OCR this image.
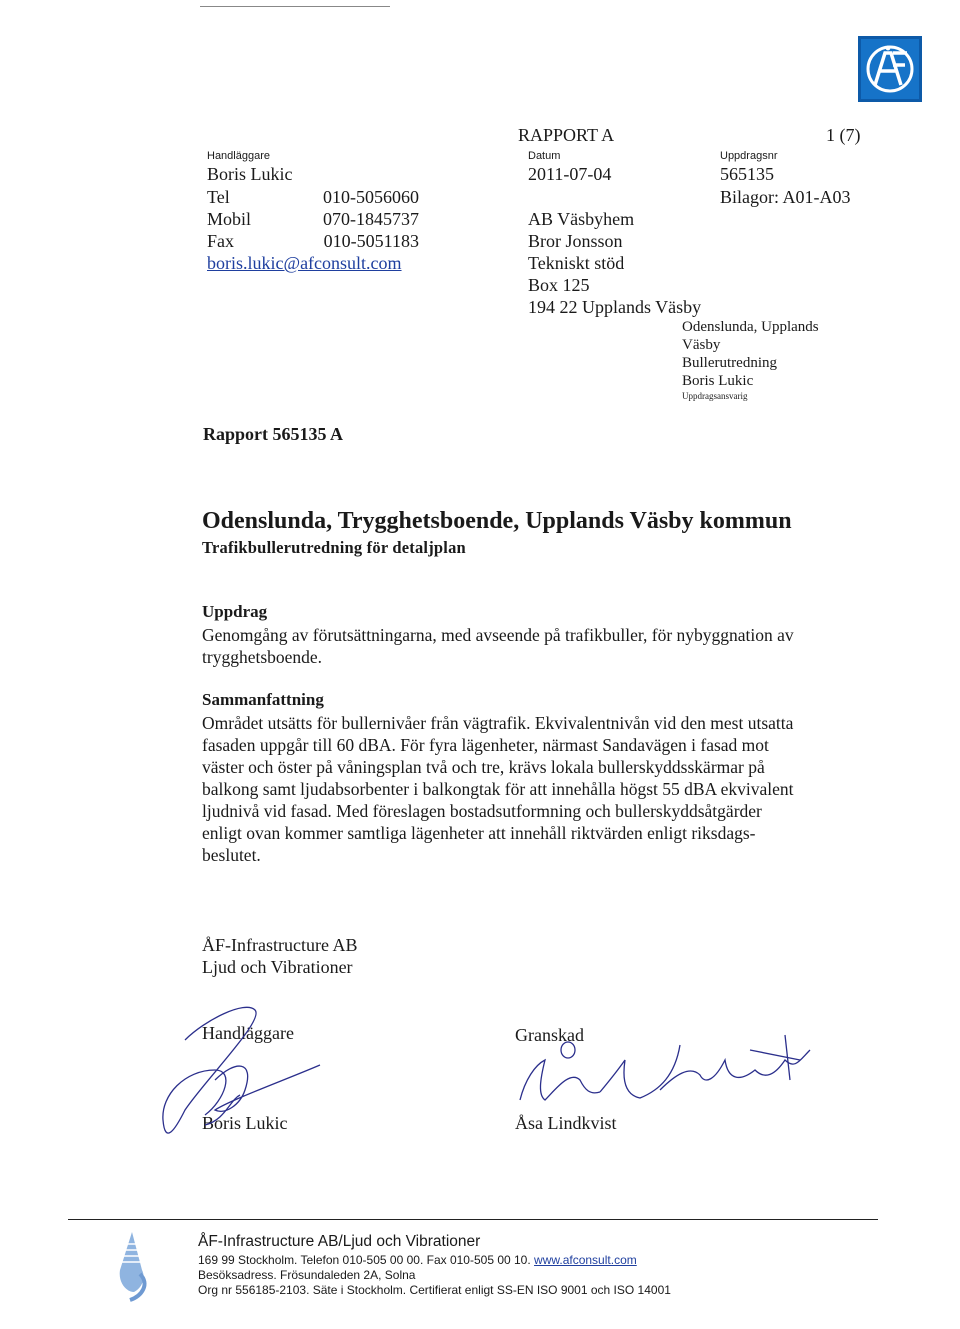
RAPPORT A	1 (7)
Handläggare
Boris Lukic
Tel	010-5056060
Mobil	070-1845737
Fax	010-5051183
boris.lukic@afconsult.com
Datum
2011-07-04
Uppdragsnr
565135
Bilagor: A01-A03
AB Väsbyhem
Bror Jonsson
Tekniskt stöd
Box 125
194 22 Upplands Väsby
Odenslunda, Upplands
Väsby
Bullerutredning
Boris Lukic
Uppdragsansvarig
Rapport 565135 A
Odenslunda, Trygghetsboende, Upplands Väsby kommun
Trafikbullerutredning för detaljplan
Uppdrag
Genomgång av förutsättningarna, med avseende på trafikbuller, för nybyggnation av
trygghetsboende.
Sammanfattning
Området utsätts för bullernivåer från vägtrafik. Ekvivalentnivån vid den mest utsatta
fasaden uppgår till 60 dBA. För fyra lägenheter, närmast Sandavägen i fasad mot
väster och öster på våningsplan två och tre, krävs lokala bullerskyddsskärmar på
balkong samt ljudabsorbenter i balkongtak för att innehålla högst 55 dBA ekvivalent
ljudnivå vid fasad. Med föreslagen bostadsutformning och bullerskyddsåtgärder
enligt ovan kommer samtliga lägenheter att innehåll riktvärden enligt riksdags-
beslutet.
ÅF-Infrastructure AB
Ljud och Vibrationer
Handläggare
Boris Lukic
Granskad
Åsa Lindkvist
ÅF-Infrastructure AB/Ljud och Vibrationer
169 99 Stockholm. Telefon 010-505 00 00. Fax 010-505 00 10. www.afconsult.com
Besöksadress. Frösundaleden 2A, Solna
Org nr 556185-2103. Säte i Stockholm. Certifierat enligt SS-EN ISO 9001 och ISO 14001
